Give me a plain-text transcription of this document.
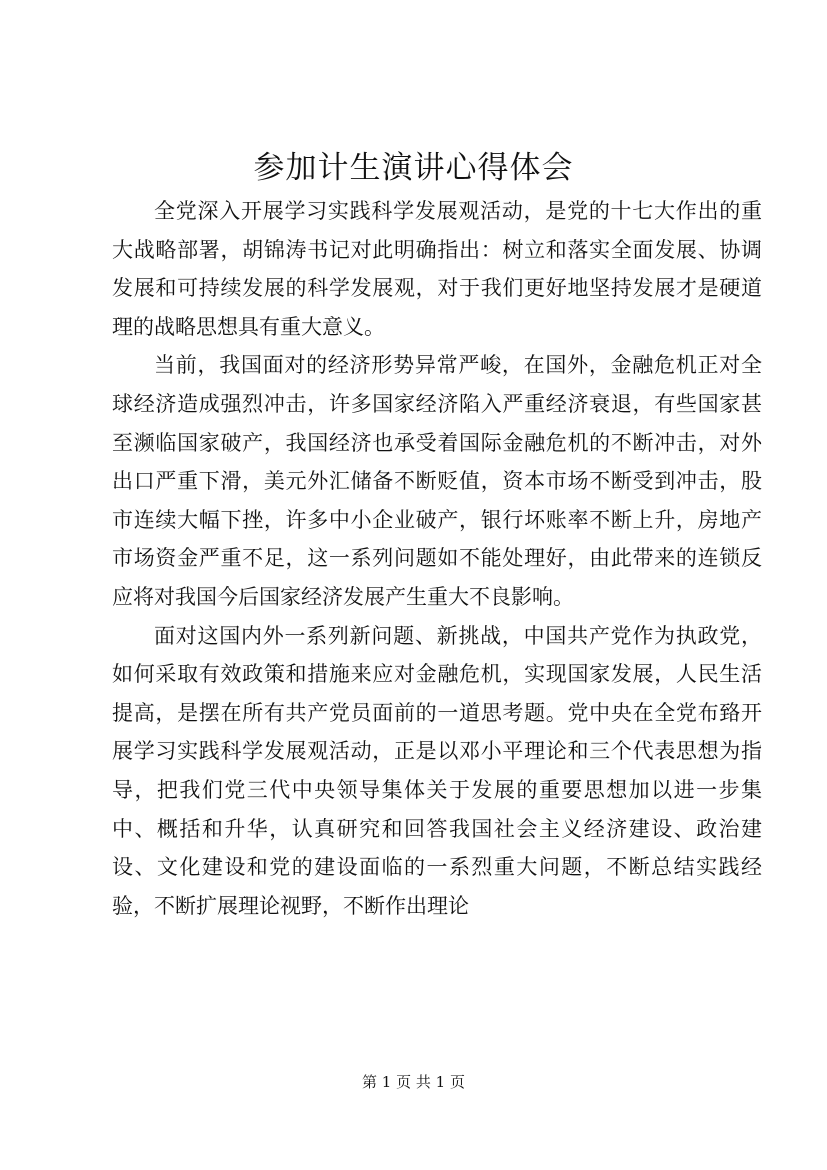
参加计生演讲心得体会

全党深入开展学习实践科学发展观活动，是党的十七大作出的重大战略部署，胡锦涛书记对此明确指出：树立和落实全面发展、协调发展和可持续发展的科学发展观，对于我们更好地坚持发展才是硬道理的战略思想具有重大意义。

当前，我国面对的经济形势异常严峻，在国外，金融危机正对全球经济造成强烈冲击，许多国家经济陷入严重经济衰退，有些国家甚至濒临国家破产，我国经济也承受着国际金融危机的不断冲击，对外出口严重下滑，美元外汇储备不断贬值，资本市场不断受到冲击，股市连续大幅下挫，许多中小企业破产，银行坏账率不断上升，房地产市场资金严重不足，这一系列问题如不能处理好，由此带来的连锁反应将对我国今后国家经济发展产生重大不良影响。

面对这国内外一系列新问题、新挑战，中国共产党作为执政党，如何采取有效政策和措施来应对金融危机，实现国家发展，人民生活提高，是摆在所有共产党员面前的一道思考题。党中央在全党布臵开展学习实践科学发展观活动，正是以邓小平理论和三个代表思想为指导，把我们党三代中央领导集体关于发展的重要思想加以进一步集中、概括和升华，认真研究和回答我国社会主义经济建设、政治建设、文化建设和党的建设面临的一系烈重大问题，不断总结实践经验，不断扩展理论视野，不断作出理论

第 1 页 共 1 页
